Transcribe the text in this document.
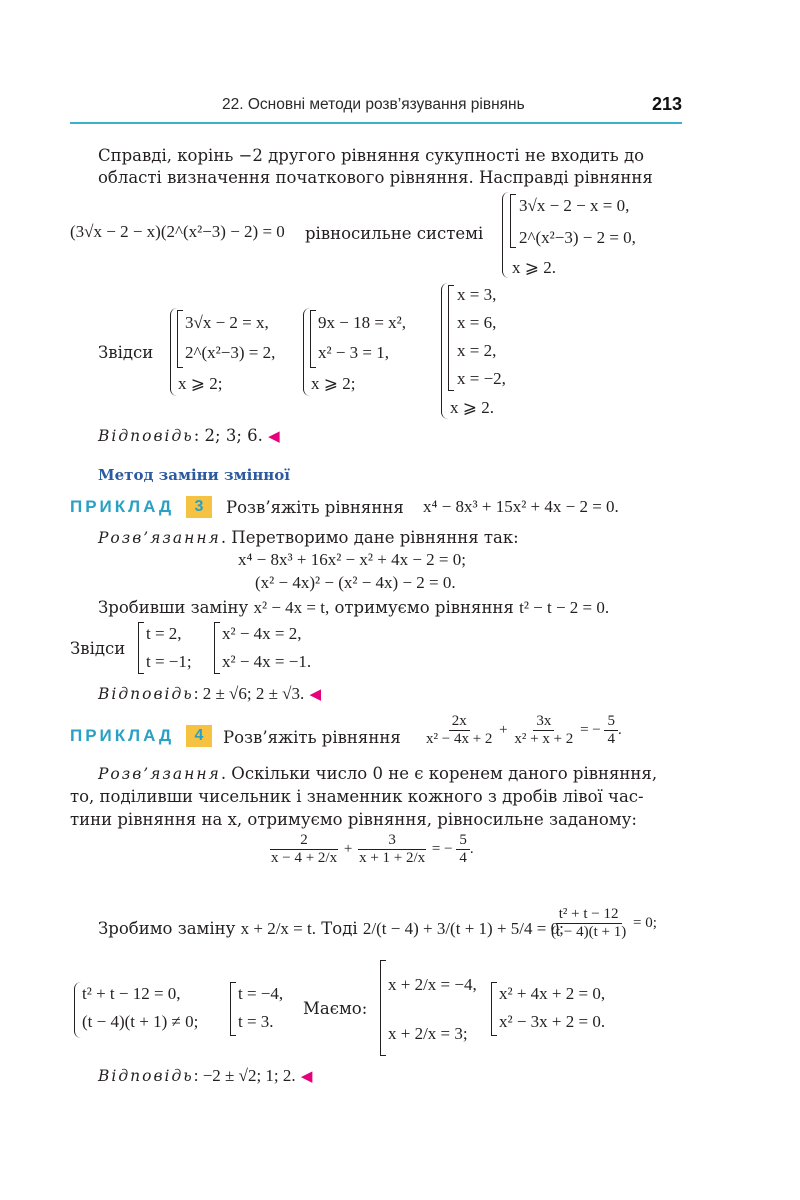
22. Основні методи розв’язування рівнянь	213
Справді, корінь −2 другого рівняння сукупності не входить до
області визначення початкового рівняння. Насправді рівняння
(3√x − 2 − x)(2^(x²−3) − 2) = 0 рівносильне системі
3√x − 2 − x = 0,
2^(x²−3) − 2 = 0,
x ⩾ 2.
Звідси
3√x − 2 = x,
2^(x²−3) = 2,
x ⩾ 2;
9x − 18 = x²,
x² − 3 = 1,
x ⩾ 2;
x = 3,
x = 6,
x = 2,
x = −2,
x ⩾ 2.
Відповідь: 2; 3; 6. ◀
Метод заміни змінної
ПРИКЛАД	3	Розв’яжіть рівняння x⁴ − 8x³ + 15x² + 4x − 2 = 0.
Розв’язання. Перетворимо дане рівняння так:
x⁴ − 8x³ + 16x² − x² + 4x − 2 = 0;
(x² − 4x)² − (x² − 4x) − 2 = 0.
Зробивши заміну x² − 4x = t, отримуємо рівняння t² − t − 2 = 0.
Звідси
t = 2,
t = −1;
x² − 4x = 2,
x² − 4x = −1.
Відповідь: 2 ± √6; 2 ± √3. ◀
ПРИКЛАД	4	Розв’яжіть рівняння $\frac{2x}{\text{x² − 4x + 2}} + \frac{3x}{\text{x² + x + 2}}$ = − $\frac{5}{4}$ .
Розв’язання. Оскільки число 0 не є коренем даного рівняння,
то, поділивши чисельник і знаменник кожного з дробів лівої час-
тини рівняння на x, отримуємо рівняння, рівносильне заданому:
$\frac{2}{x - 4 + 2/x} + \frac{3}{x + 1 + 2/x}$ = − $\frac{5}{4}$ .
Зробимо заміну x + 2/x = t. Тоді 2/(t − 4) + 3/(t + 1) + 5/4 = 0;
$\frac{\text{t² + t − 12}}{(t - 4)(t + 1)} = 0$;
t² + t − 12 = 0,
(t − 4)(t + 1) ≠ 0;
t = −4,
t = 3.
Маємо:
x + 2/x = −4,
x + 2/x = 3;
x² + 4x + 2 = 0,
x² − 3x + 2 = 0.
Відповідь: −2 ± √2; 1; 2. ◀
